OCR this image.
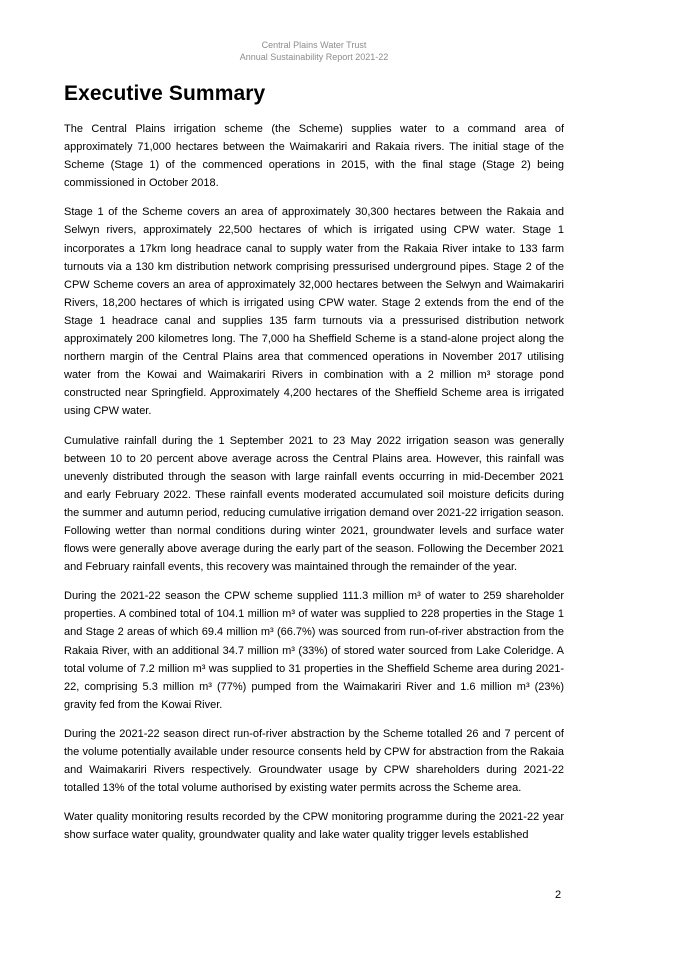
Central Plains Water Trust
Annual Sustainability Report 2021-22
Executive Summary

The Central Plains irrigation scheme (the Scheme) supplies water to a command area of approximately 71,000 hectares between the Waimakariri and Rakaia rivers. The initial stage of the Scheme (Stage 1) of the commenced operations in 2015, with the final stage (Stage 2) being commissioned in October 2018.

Stage 1 of the Scheme covers an area of approximately 30,300 hectares between the Rakaia and Selwyn rivers, approximately 22,500 hectares of which is irrigated using CPW water. Stage 1 incorporates a 17km long headrace canal to supply water from the Rakaia River intake to 133 farm turnouts via a 130 km distribution network comprising pressurised underground pipes. Stage 2 of the CPW Scheme covers an area of approximately 32,000 hectares between the Selwyn and Waimakariri Rivers, 18,200 hectares of which is irrigated using CPW water. Stage 2 extends from the end of the Stage 1 headrace canal and supplies 135 farm turnouts via a pressurised distribution network approximately 200 kilometres long. The 7,000 ha Sheffield Scheme is a stand-alone project along the northern margin of the Central Plains area that commenced operations in November 2017 utilising water from the Kowai and Waimakariri Rivers in combination with a 2 million m³ storage pond constructed near Springfield. Approximately 4,200 hectares of the Sheffield Scheme area is irrigated using CPW water.

Cumulative rainfall during the 1 September 2021 to 23 May 2022 irrigation season was generally between 10 to 20 percent above average across the Central Plains area. However, this rainfall was unevenly distributed through the season with large rainfall events occurring in mid-December 2021 and early February 2022. These rainfall events moderated accumulated soil moisture deficits during the summer and autumn period, reducing cumulative irrigation demand over 2021-22 irrigation season. Following wetter than normal conditions during winter 2021, groundwater levels and surface water flows were generally above average during the early part of the season. Following the December 2021 and February rainfall events, this recovery was maintained through the remainder of the year.

During the 2021-22 season the CPW scheme supplied 111.3 million m³ of water to 259 shareholder properties. A combined total of 104.1 million m³ of water was supplied to 228 properties in the Stage 1 and Stage 2 areas of which 69.4 million m³ (66.7%) was sourced from run-of-river abstraction from the Rakaia River, with an additional 34.7 million m³ (33%) of stored water sourced from Lake Coleridge. A total volume of 7.2 million m³ was supplied to 31 properties in the Sheffield Scheme area during 2021-22, comprising 5.3 million m³ (77%) pumped from the Waimakariri River and 1.6 million m³ (23%) gravity fed from the Kowai River.

During the 2021-22 season direct run-of-river abstraction by the Scheme totalled 26 and 7 percent of the volume potentially available under resource consents held by CPW for abstraction from the Rakaia and Waimakariri Rivers respectively. Groundwater usage by CPW shareholders during 2021-22 totalled 13% of the total volume authorised by existing water permits across the Scheme area.

Water quality monitoring results recorded by the CPW monitoring programme during the 2021-22 year show surface water quality, groundwater quality and lake water quality trigger levels established

2
